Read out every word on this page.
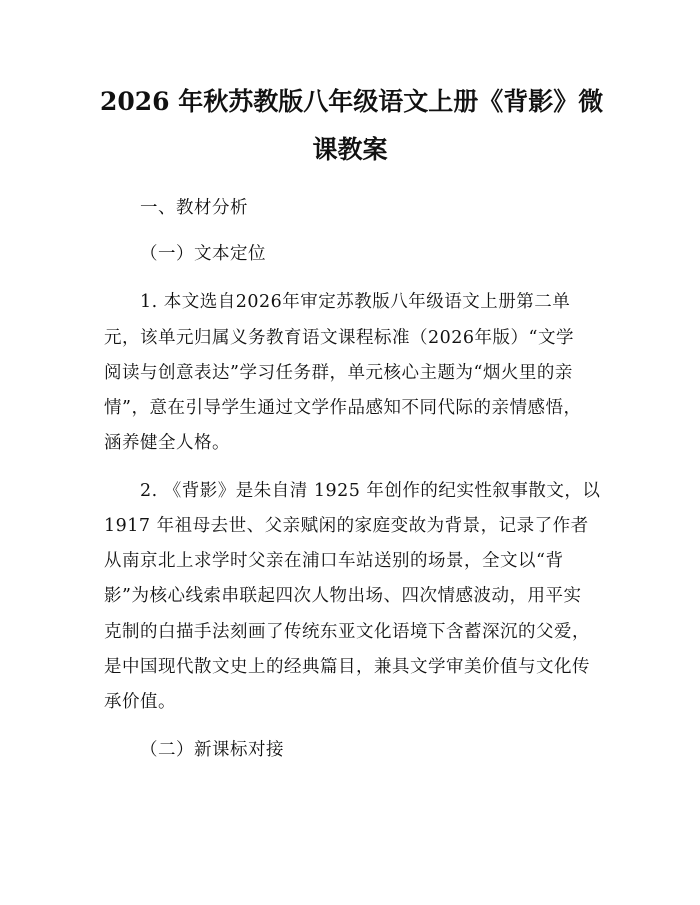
2026 年秋苏教版八年级语文上册《背影》微
课教案

一、教材分析

（一）文本定位

1. 本文选自2026年审定苏教版八年级语文上册第二单

元，该单元归属义务教育语文课程标准（2026年版）“文学

阅读与创意表达”学习任务群，单元核心主题为“烟火里的亲

情”，意在引导学生通过文学作品感知不同代际的亲情感悟，

涵养健全人格。

2. 《背影》是朱自清 1925 年创作的纪实性叙事散文，以

1917 年祖母去世、父亲赋闲的家庭变故为背景，记录了作者

从南京北上求学时父亲在浦口车站送别的场景，全文以“背

影”为核心线索串联起四次人物出场、四次情感波动，用平实

克制的白描手法刻画了传统东亚文化语境下含蓄深沉的父爱，

是中国现代散文史上的经典篇目，兼具文学审美价值与文化传

承价值。

（二）新课标对接
